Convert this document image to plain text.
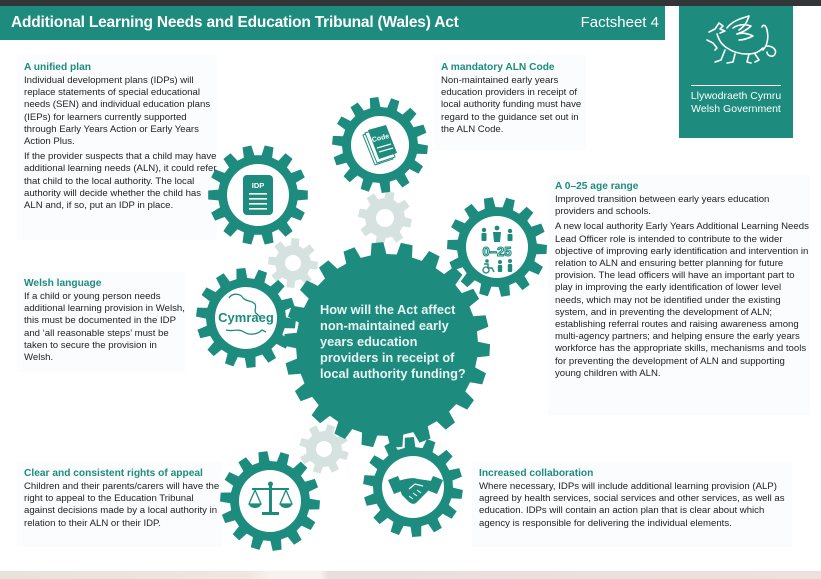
Additional Learning Needs and Education Tribunal (Wales) Act	Factsheet 4
Llywodraeth Cymru
Welsh Government
A unified plan

Individual development plans (IDPs) will replace statements of special educational needs (SEN) and individual education plans (IEPs) for learners currently supported through Early Years Action or Early Years Action Plus.

If the provider suspects that a child may have additional learning needs (ALN), it could refer that child to the local authority. The local authority will decide whether the child has ALN and, if so, put an IDP in place.

A mandatory ALN Code

Non-maintained early years education providers in receipt of local authority funding must have regard to the guidance set out in the ALN Code.

A 0–25 age range

Improved transition between early years education providers and schools.

A new local authority Early Years Additional Learning Needs Lead Officer role is intended to contribute to the wider objective of improving early identification and intervention in relation to ALN and ensuring better planning for future provision. The lead officers will have an important part to play in improving the early identification of lower level needs, which may not be identified under the existing system, and in preventing the development of ALN; establishing referral routes and raising awareness among multi-agency partners; and helping ensure the early years workforce has the appropriate skills, mechanisms and tools for preventing the development of ALN and supporting young children with ALN.

Welsh language

If a child or young person needs additional learning provision in Welsh, this must be documented in the IDP and ‘all reasonable steps’ must be taken to secure the provision in Welsh.

Clear and consistent rights of appeal

Children and their parents/carers will have the right to appeal to the Education Tribunal against decisions made by a local authority in relation to their ALN or their IDP.

Increased collaboration

Where necessary, IDPs will include additional learning provision (ALP) agreed by health services, social services and other services, as well as education. IDPs will contain an action plan that is clear about which agency is responsible for delivering the individual elements.

IDP
Code
0–25
Cymraeg
How will the Act affect non-maintained early years education providers in receipt of local authority funding?
